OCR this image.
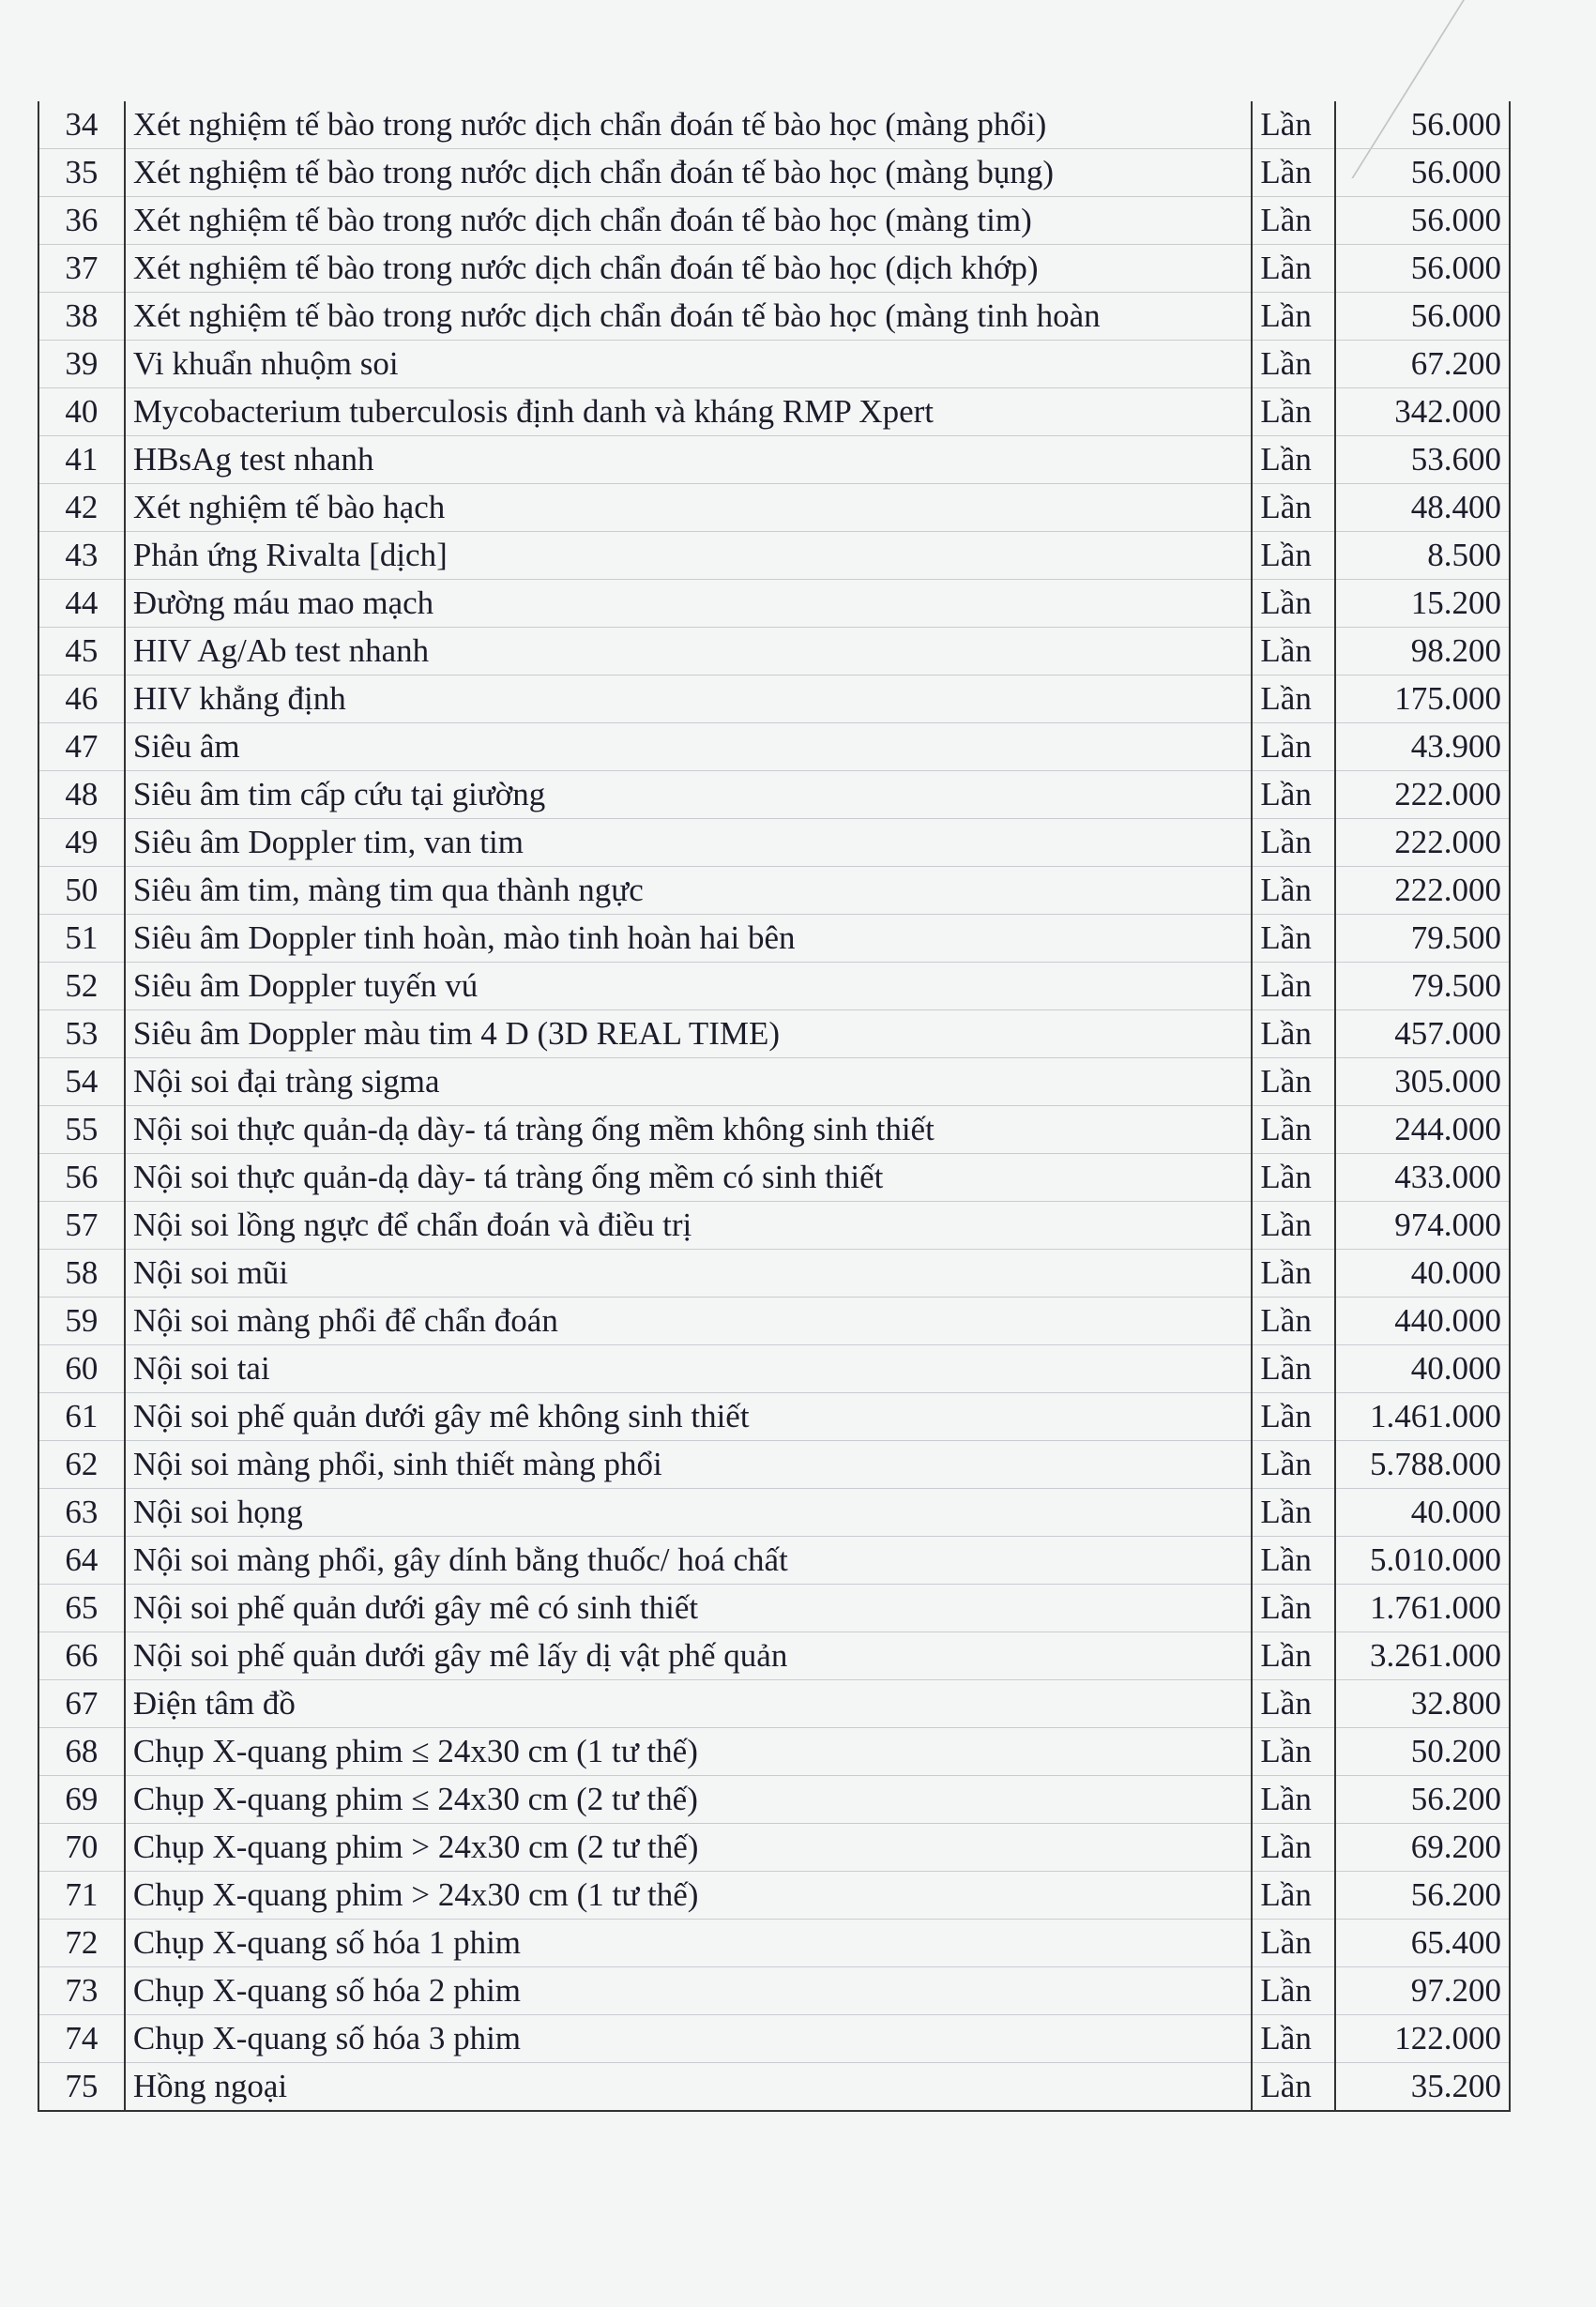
34	Xét nghiệm tế bào trong nước dịch chẩn đoán tế bào học (màng phổi)	Lần	56.000
35	Xét nghiệm tế bào trong nước dịch chẩn đoán tế bào học (màng bụng)	Lần	56.000
36	Xét nghiệm tế bào trong nước dịch chẩn đoán tế bào học (màng tim)	Lần	56.000
37	Xét nghiệm tế bào trong nước dịch chẩn đoán tế bào học (dịch khớp)	Lần	56.000
38	Xét nghiệm tế bào trong nước dịch chẩn đoán tế bào học (màng tinh hoàn	Lần	56.000
39	Vi khuẩn nhuộm soi	Lần	67.200
40	Mycobacterium tuberculosis định danh và kháng RMP Xpert	Lần	342.000
41	HBsAg test nhanh	Lần	53.600
42	Xét nghiệm tế bào hạch	Lần	48.400
43	Phản ứng Rivalta [dịch]	Lần	8.500
44	Đường máu mao mạch	Lần	15.200
45	HIV Ag/Ab test nhanh	Lần	98.200
46	HIV khẳng định	Lần	175.000
47	Siêu âm	Lần	43.900
48	Siêu âm tim cấp cứu tại giường	Lần	222.000
49	Siêu âm Doppler tim, van tim	Lần	222.000
50	Siêu âm tim, màng tim qua thành ngực	Lần	222.000
51	Siêu âm Doppler tinh hoàn, mào tinh hoàn hai bên	Lần	79.500
52	Siêu âm Doppler tuyến vú	Lần	79.500
53	Siêu âm Doppler màu tim 4 D (3D REAL TIME)	Lần	457.000
54	Nội soi đại tràng sigma	Lần	305.000
55	Nội soi thực quản-dạ dày- tá tràng ống mềm không sinh thiết	Lần	244.000
56	Nội soi thực quản-dạ dày- tá tràng ống mềm có sinh thiết	Lần	433.000
57	Nội soi lồng ngực để chẩn đoán và điều trị	Lần	974.000
58	Nội soi mũi	Lần	40.000
59	Nội soi màng phổi để chẩn đoán	Lần	440.000
60	Nội soi tai	Lần	40.000
61	Nội soi phế quản dưới gây mê không sinh thiết	Lần	1.461.000
62	Nội soi màng phổi, sinh thiết màng phổi	Lần	5.788.000
63	Nội soi họng	Lần	40.000
64	Nội soi màng phổi, gây dính bằng thuốc/ hoá chất	Lần	5.010.000
65	Nội soi phế quản dưới gây mê có sinh thiết	Lần	1.761.000
66	Nội soi phế quản dưới gây mê lấy dị vật phế quản	Lần	3.261.000
67	Điện tâm đồ	Lần	32.800
68	Chụp X-quang phim ≤ 24x30 cm (1 tư thế)	Lần	50.200
69	Chụp X-quang phim ≤ 24x30 cm (2 tư thế)	Lần	56.200
70	Chụp X-quang phim > 24x30 cm (2 tư thế)	Lần	69.200
71	Chụp X-quang phim > 24x30 cm (1 tư thế)	Lần	56.200
72	Chụp X-quang số hóa 1 phim	Lần	65.400
73	Chụp X-quang số hóa 2 phim	Lần	97.200
74	Chụp X-quang số hóa 3 phim	Lần	122.000
75	Hồng ngoại	Lần	35.200
